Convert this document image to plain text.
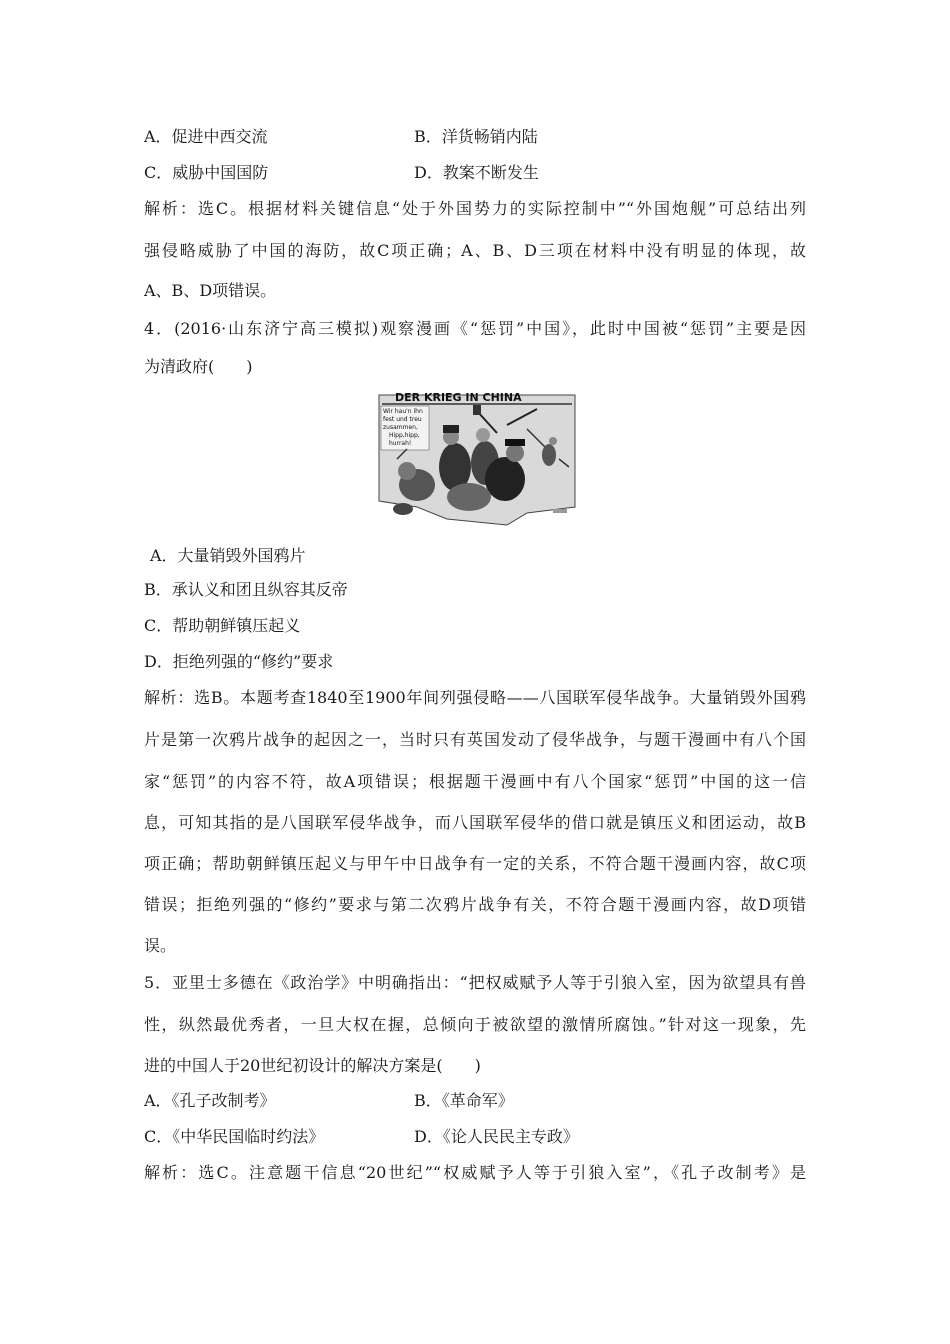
A．促进中西交流	B．洋货畅销内陆
C．威胁中国国防	D．教案不断发生
解析：选C。根据材料关键信息“处于外国势力的实际控制中”“外国炮舰”可总结出列
强侵略威胁了中国的海防，故C项正确；A、B、D三项在材料中没有明显的体现，故
A、B、D项错误。
4．(2016·山东济宁高三模拟)观察漫画《“惩罚”中国》，此时中国被“惩罚”主要是因
为清政府(　　)
DER KRIEG IN CHINA
Wir hau'n ihn fest und treu zusammen, Hipp,hipp, hurrah!
A．大量销毁外国鸦片
B．承认义和团且纵容其反帝
C．帮助朝鲜镇压起义
D．拒绝列强的“修约”要求
解析：选B。本题考查1840至1900年间列强侵略——八国联军侵华战争。大量销毁外国鸦
片是第一次鸦片战争的起因之一，当时只有英国发动了侵华战争，与题干漫画中有八个国
家“惩罚”的内容不符，故A项错误；根据题干漫画中有八个国家“惩罚”中国的这一信
息，可知其指的是八国联军侵华战争，而八国联军侵华的借口就是镇压义和团运动，故B
项正确；帮助朝鲜镇压起义与甲午中日战争有一定的关系，不符合题干漫画内容，故C项
错误；拒绝列强的“修约”要求与第二次鸦片战争有关，不符合题干漫画内容，故D项错
误。
5．亚里士多德在《政治学》中明确指出：“把权威赋予人等于引狼入室，因为欲望具有兽
性，纵然最优秀者，一旦大权在握，总倾向于被欲望的激情所腐蚀。”针对这一现象，先
进的中国人于20世纪初设计的解决方案是(　　)
A．《孔子改制考》	B．《革命军》
C．《中华民国临时约法》	D．《论人民民主专政》
解析：选C。注意题干信息“20世纪”“权威赋予人等于引狼入室”，《孔子改制考》是
